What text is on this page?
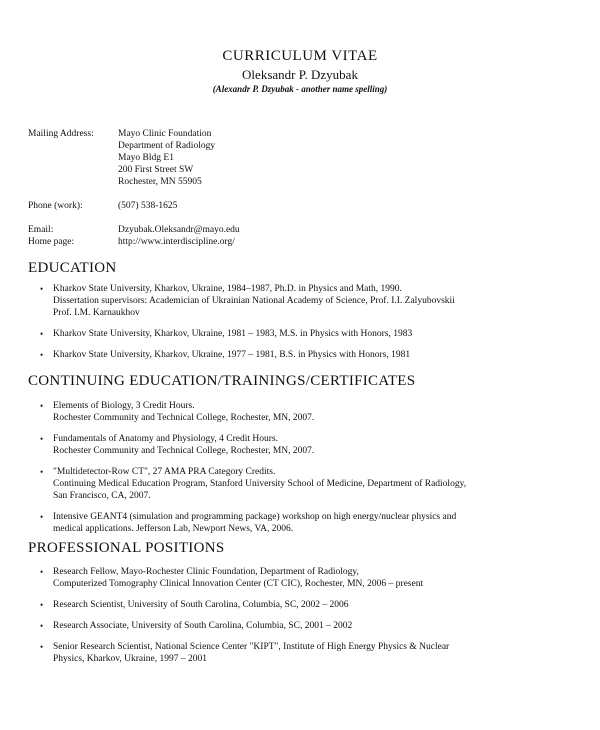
CURRICULUM VITAE
Oleksandr P. Dzyubak
(Alexandr P. Dzyubak - another name spelling)
Mailing Address:	Mayo Clinic Foundation
Department of Radiology
Mayo Bldg E1
200 First Street SW
Rochester, MN 55905
Phone (work):	(507) 538-1625
Email:	Dzyubak.Oleksandr@mayo.edu
Home page:	http://www.interdiscipline.org/
EDUCATION
• Kharkov State University, Kharkov, Ukraine, 1984–1987, Ph.D. in Physics and Math, 1990.
Dissertation supervisors: Academician of Ukrainian National Academy of Science, Prof. I.I. Zalyubovskii
Prof. I.M. Karnaukhov
• Kharkov State University, Kharkov, Ukraine, 1981 – 1983, M.S. in Physics with Honors, 1983
• Kharkov State University, Kharkov, Ukraine, 1977 – 1981, B.S. in Physics with Honors, 1981
CONTINUING EDUCATION/TRAININGS/CERTIFICATES
• Elements of Biology, 3 Credit Hours.
Rochester Community and Technical College, Rochester, MN, 2007.
• Fundamentals of Anatomy and Physiology, 4 Credit Hours.
Rochester Community and Technical College, Rochester, MN, 2007.
• "Multidetector-Row CT", 27 AMA PRA Category Credits.
Continuing Medical Education Program, Stanford University School of Medicine, Department of Radiology,
San Francisco, CA, 2007.
• Intensive GEANT4 (simulation and programming package) workshop on high energy/nuclear physics and
medical applications. Jefferson Lab, Newport News, VA, 2006.
PROFESSIONAL POSITIONS
• Research Fellow, Mayo-Rochester Clinic Foundation, Department of Radiology,
Computerized Tomography Clinical Innovation Center (CT CIC), Rochester, MN, 2006 – present
• Research Scientist, University of South Carolina, Columbia, SC, 2002 – 2006
• Research Associate, University of South Carolina, Columbia, SC, 2001 – 2002
• Senior Research Scientist, National Science Center "KIPT", Institute of High Energy Physics & Nuclear
Physics, Kharkov, Ukraine, 1997 – 2001
